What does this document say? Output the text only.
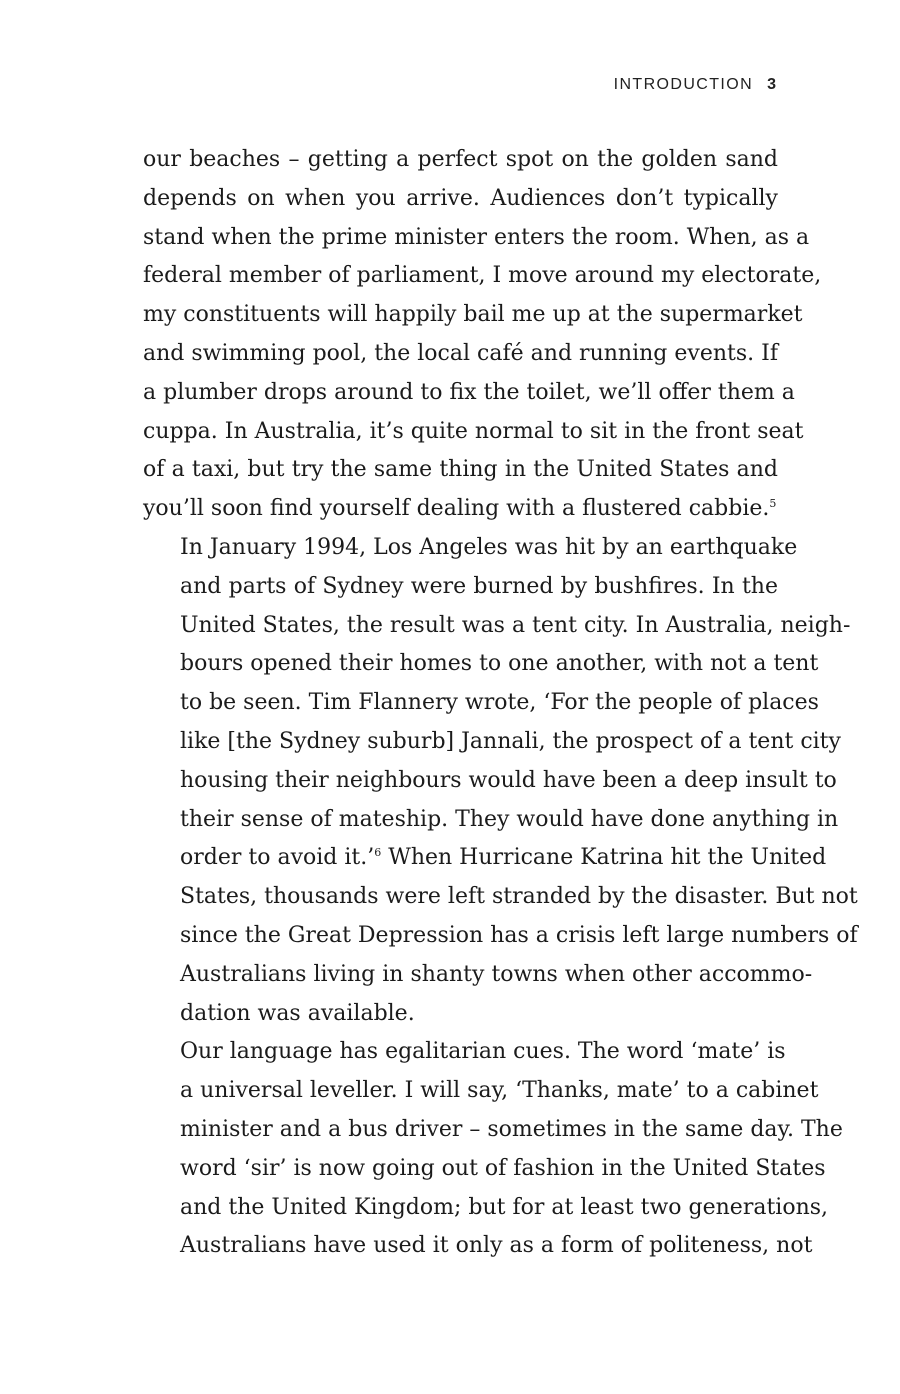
INTRODUCTION 3

our beaches – getting a perfect spot on the golden sand
depends on when you arrive. Audiences don’t typically
stand when the prime minister enters the room. When, as a
federal member of parliament, I move around my electorate,
my constituents will happily bail me up at the supermarket
and swimming pool, the local café and running events. If
a plumber drops around to fix the toilet, we’ll offer them a
cuppa. In Australia, it’s quite normal to sit in the front seat
of a taxi, but try the same thing in the United States and
you’ll soon find yourself dealing with a flustered cabbie.$^5$

In January 1994, Los Angeles was hit by an earthquake
and parts of Sydney were burned by bushfires. In the
United States, the result was a tent city. In Australia, neigh-
bours opened their homes to one another, with not a tent
to be seen. Tim Flannery wrote, ‘For the people of places
like [the Sydney suburb] Jannali, the prospect of a tent city
housing their neighbours would have been a deep insult to
their sense of mateship. They would have done anything in
order to avoid it.’$^6$ When Hurricane Katrina hit the United
States, thousands were left stranded by the disaster. But not
since the Great Depression has a crisis left large numbers of
Australians living in shanty towns when other accommo-
dation was available.

Our language has egalitarian cues. The word ‘mate’ is
a universal leveller. I will say, ‘Thanks, mate’ to a cabinet
minister and a bus driver – sometimes in the same day. The
word ‘sir’ is now going out of fashion in the United States
and the United Kingdom; but for at least two generations,
Australians have used it only as a form of politeness, not
